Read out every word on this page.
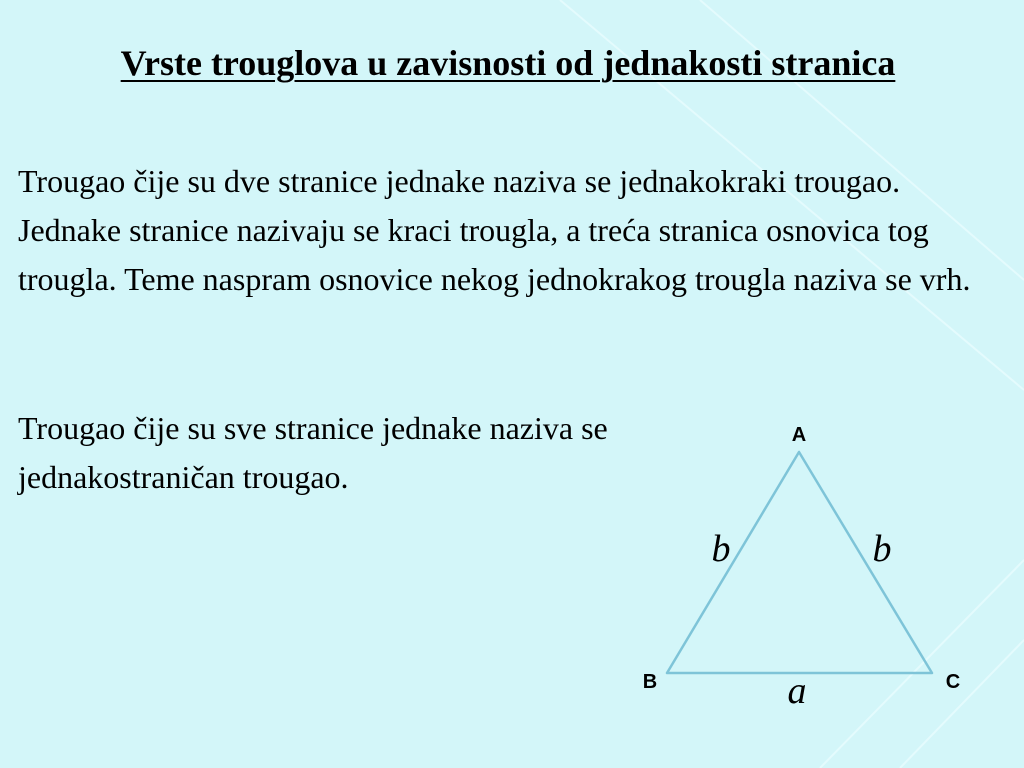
Vrste trouglova u zavisnosti od jednakosti stranica

Trougao čije su dve stranice jednake naziva se jednakokraki trougao. Jednake stranice nazivaju se kraci trougla, a treća stranica osnovica tog trougla. Teme naspram osnovice nekog jednokrakog trougla naziva se vrh.

Trougao čije su sve stranice jednake naziva se jednakostraničan trougao.

A
B	C
b	b
a
